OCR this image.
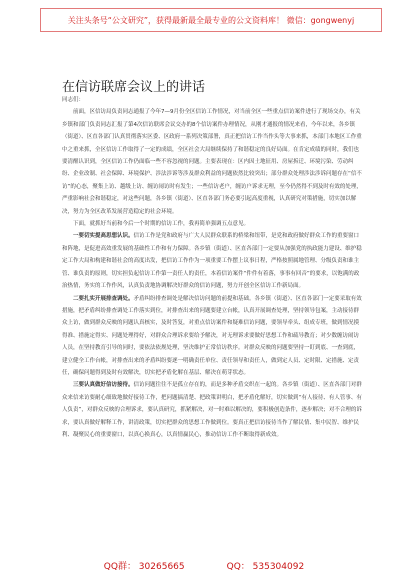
关注头条号“公文研究”，获得最新最全最专业的公文资料库！ 微信：gongwenyj
在信访联席会议上的讲话

同志们：

前面，区信访局负责同志通报了今年7—9月份全区信访工作情况，对当前全区一些重点信访案件进行了现场交办，有关乡镇和部门负责同志汇报了第4次信访联席会议交办的8个信访案件办理情况，从刚才通报的情况来看，今年以来，各乡镇（街道）、区直各部门认真贯彻落实区委、区政府一系列决策部署，真正把信访工作当作头等大事来抓，本部门本地区工作重中之重来抓，全区信访工作取得了一定的成绩，全区社会大局继续保持了和谐稳定的良好局面。在肯定成绩的同时，我们也要清醒认识到，全区信访工作仍面临一些不容忽视的问题。主要表现在：区内因土地征用、房屋拆迁、环境污染、劳动纠纷、企业改制、社会保障、环境保护、涉法涉诉等涉及群众利益的问题依然比较突出；部分群众处理涉法涉诉问题存在“信不访”的心态，聚集上访、越级上访、缠访闹访时有发生；一些信访老户，缠访户诉求无理，至今仍然得不到及时有效的处理，严重影响社会和谐稳定，对这些问题，各乡镇（街道）、区直各部门务必要引起高度重视，认真研究对策措施，切实加以解决，努力为全区改革发展营造稳定的社会环境。

下面，就抓好当前和今后一个时期的信访工作，我再简单强调五点意见。

一要切实提高思想认识。信访工作是党和政府与广大人民群众联系的桥梁和纽带，是党和政府做好群众工作的重要窗口和阵地，是促进高效重发展的基础性工作和有力保障。各乡镇（街道）、区直各部门一定要从加强党的执政能力建设、维护稳定工作大局和构建和谐社会的高度出发，把信访工作作为一项重要工作摆上议事日程，严格按照属地管理、分级负责和谁主管、谁负责的原则，切实担负起信访工作第一责任人的责任，本着信访案件“件件有着落，事事有回音”的要求，以饱满的政治热情，务实的工作作风，认真负责地协调解决好群众的信访问题，努力开创全区信访工作新局面。

二要扎实开展排查调处。矛盾纠纷排查调处是解决信访问题的前提和基础。各乡镇（街道）、区直各部门一定要采取有效措施，把矛盾纠纷排查调处工作落实到位，对排查出来的问题要建立台帐，认真开展调查处理，坚持领导包案，主动接待群众上访，做到群众反映的问题认真核实，及时答复，对重点信访案件和疑难信访问题，要领导牵头、组成专班，做到情况摸得准、措施定得实、问题处理得好，对群众合理诉求要给予解决，对无理诉求要做好思想工作和疏导教育；对少数缠访闹访人员，在坚持教育引导的同时，要依法依规处理，坚决维护正常信访秩序。对群众反映的问题要坚持一盯到底、一查到底，建立健全工作台帐，对排查出来的矛盾纠纷要逐一明确责任单位、责任领导和责任人，做到定人员、定时限、定措施、定责任，确保问题得到及时有效解决，切实把矛盾化解在基层、解决在萌芽状态。

三要认真做好信访接待。信访问题往往不是孤立存在的，而是多种矛盾交织在一起的。各乡镇（街道）、区直各部门对群众来信来访要耐心细致地做好接待工作，把问题搞清楚、把政策讲明白，把矛盾化解好，切实做到“有人接待、有人管事、有人负责”，对群众反映的合理诉求，要认真研究，抓紧解决，对一时难以解决的，要积极创造条件，逐步解决；对不合理的诉求，要认真做好解释工作，讲清政策，切实把群众的思想工作做到位。要真正把信访接待当作了解民情、集中民智、维护民利、凝聚民心的重要窗口，以真心换真心，以真情赢民心，推动信访工作不断取得新成效。

QQ群： 30265665	QQ： 535304092
